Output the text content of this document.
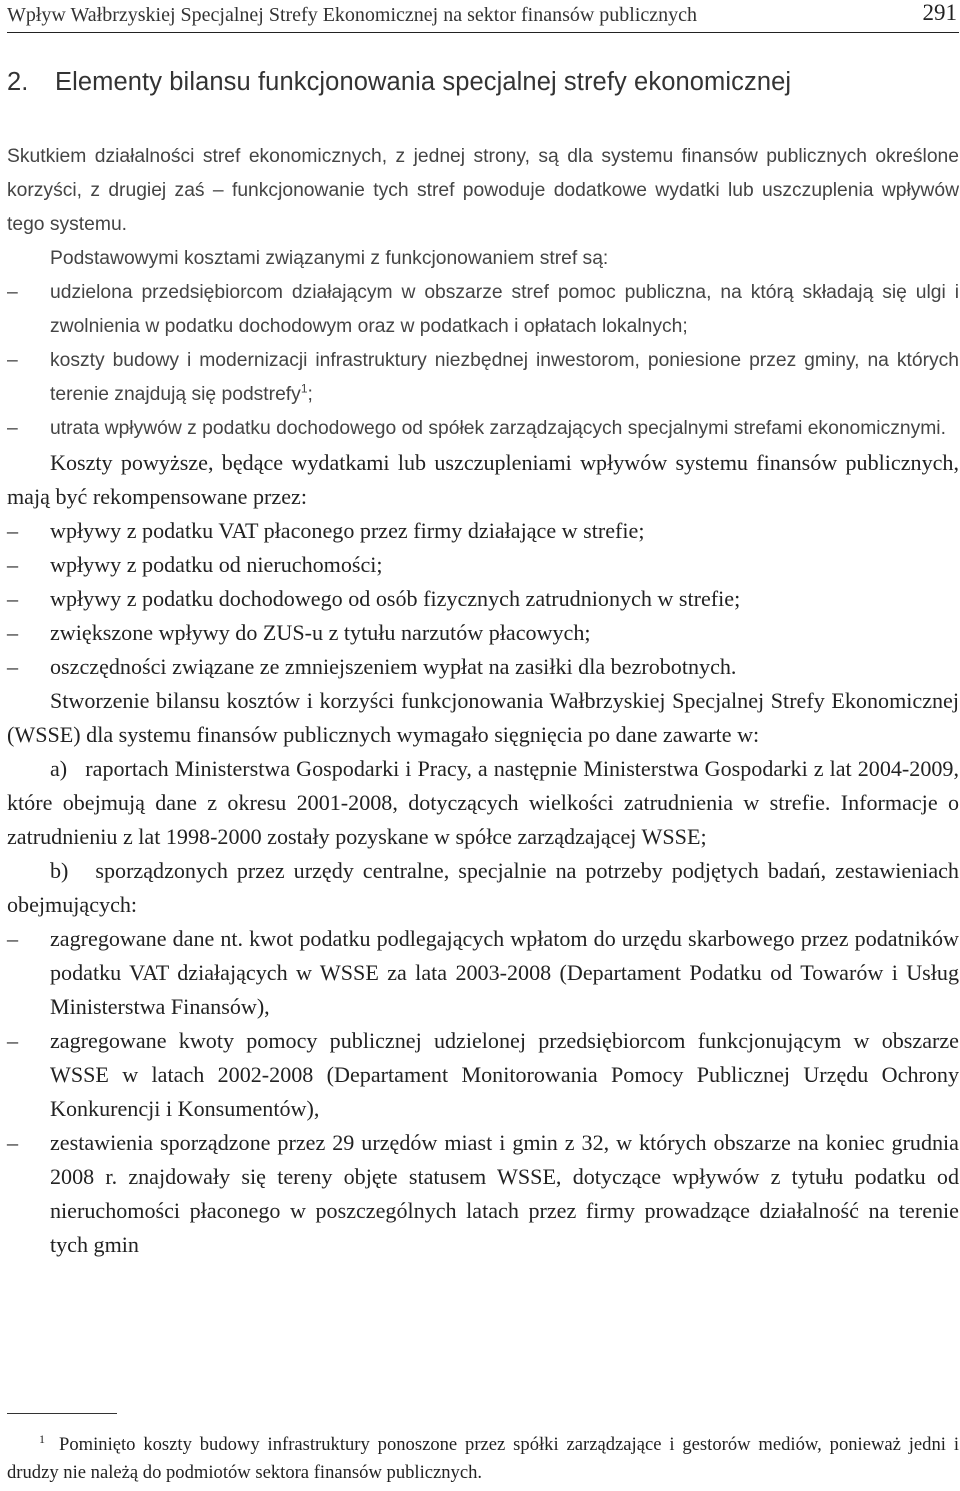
Wpływ Wałbrzyskiej Specjalnej Strefy Ekonomicznej na sektor finansów publicznych	291
2. Elementy bilansu funkcjonowania specjalnej strefy ekonomicznej

Skutkiem działalności stref ekonomicznych, z jednej strony, są dla systemu finansów publicznych określone korzyści, z drugiej zaś – funkcjonowanie tych stref powoduje dodatkowe wydatki lub uszczuplenia wpływów tego systemu.

Podstawowymi kosztami związanymi z funkcjonowaniem stref są:

–	udzielona przedsiębiorcom działającym w obszarze stref pomoc publiczna, na którą składają się ulgi i zwolnienia w podatku dochodowym oraz w podatkach i opłatach lokalnych;
–	koszty budowy i modernizacji infrastruktury niezbędnej inwestorom, poniesione przez gminy, na których terenie znajdują się podstrefy$^1$;
–	utrata wpływów z podatku dochodowego od spółek zarządzających specjalnymi strefami ekonomicznymi.

Koszty powyższe, będące wydatkami lub uszczupleniami wpływów systemu finansów publicznych, mają być rekompensowane przez:

–	wpływy z podatku VAT płaconego przez firmy działające w strefie;
–	wpływy z podatku od nieruchomości;
–	wpływy z podatku dochodowego od osób fizycznych zatrudnionych w strefie;
–	zwiększone wpływy do ZUS-u z tytułu narzutów płacowych;
–	oszczędności związane ze zmniejszeniem wypłat na zasiłki dla bezrobotnych.

Stworzenie bilansu kosztów i korzyści funkcjonowania Wałbrzyskiej Specjalnej Strefy Ekonomicznej (WSSE) dla systemu finansów publicznych wymagało sięgnięcia po dane zawarte w:

a) raportach Ministerstwa Gospodarki i Pracy, a następnie Ministerstwa Gospodarki z lat 2004-2009, które obejmują dane z okresu 2001-2008, dotyczących wielkości zatrudnienia w strefie. Informacje o zatrudnieniu z lat 1998-2000 zostały pozyskane w spółce zarządzającej WSSE;

b) sporządzonych przez urzędy centralne, specjalnie na potrzeby podjętych badań, zestawieniach obejmujących:

–	zagregowane dane nt. kwot podatku podlegających wpłatom do urzędu skarbowego przez podatników podatku VAT działających w WSSE za lata 2003-2008 (Departament Podatku od Towarów i Usług Ministerstwa Finansów),
–	zagregowane kwoty pomocy publicznej udzielonej przedsiębiorcom funkcjonującym w obszarze WSSE w latach 2002-2008 (Departament Monitorowania Pomocy Publicznej Urzędu Ochrony Konkurencji i Konsumentów),
–	zestawienia sporządzone przez 29 urzędów miast i gmin z 32, w których obszarze na koniec grudnia 2008 r. znajdowały się tereny objęte statusem WSSE, dotyczące wpływów z tytułu podatku od nieruchomości płaconego w poszczególnych latach przez firmy prowadzące działalność na terenie tych gmin
$^1$ Pominięto koszty budowy infrastruktury ponoszone przez spółki zarządzające i gestorów mediów, ponieważ jedni i drudzy nie należą do podmiotów sektora finansów publicznych.
